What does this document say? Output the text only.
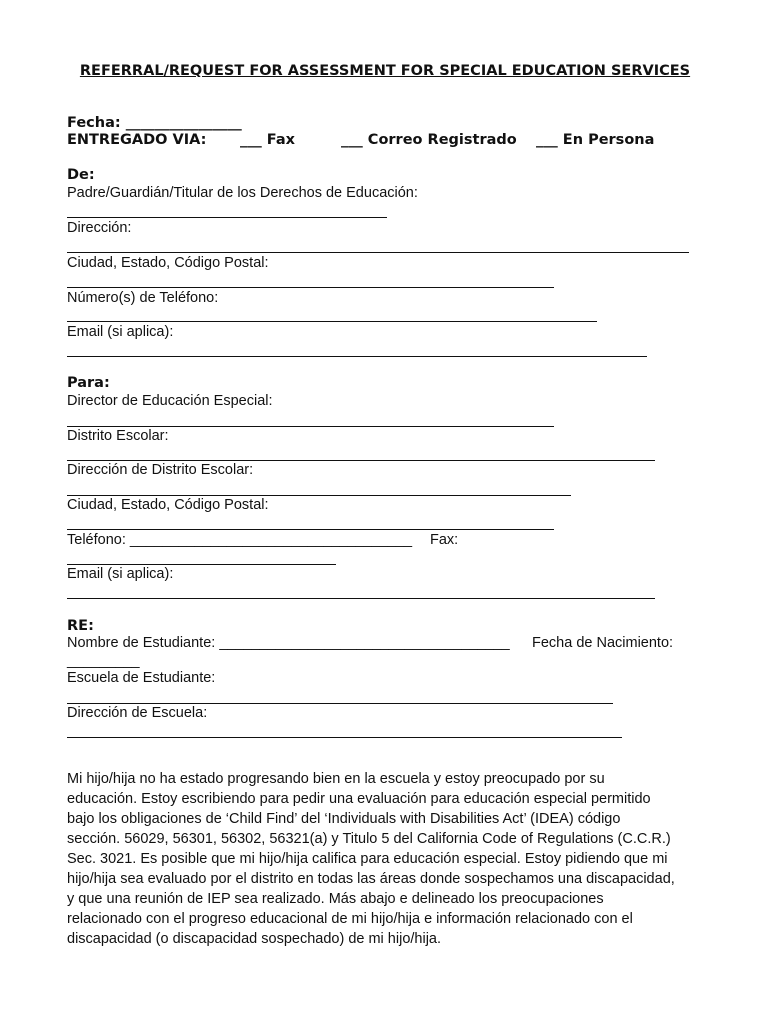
REFERRAL/REQUEST FOR ASSESSMENT FOR SPECIAL EDUCATION SERVICES
Fecha: ________________
ENTREGADO VIA: ___ Fax	___ Correo Registrado ___ En Persona
De:
Padre/Guardián/Titular de los Derechos de Educación:
Dirección:
Ciudad, Estado, Código Postal:
Número(s) de Teléfono:
Email (si aplica):
Para:
Director de Educación Especial:
Distrito Escolar:
Dirección de Distrito Escolar:
Ciudad, Estado, Código Postal:
Teléfono: ___________________________________ Fax:
Email (si aplica):
RE:
Nombre de Estudiante: ____________________________________ Fecha de Nacimiento:
_________
Escuela de Estudiante:
Dirección de Escuela:
Mi hijo/hija no ha estado progresando bien en la escuela y estoy preocupado por su
educación. Estoy escribiendo para pedir una evaluación para educación especial permitido
bajo los obligaciones de ‘Child Find’ del ‘Individuals with Disabilities Act’ (IDEA) código
sección. 56029, 56301, 56302, 56321(a) y Titulo 5 del California Code of Regulations (C.C.R.)
Sec. 3021. Es posible que mi hijo/hija califica para educación especial. Estoy pidiendo que mi
hijo/hija sea evaluado por el distrito en todas las áreas donde sospechamos una discapacidad,
y que una reunión de IEP sea realizado. Más abajo e delineado los preocupaciones
relacionado con el progreso educacional de mi hijo/hija e información relacionado con el
discapacidad (o discapacidad sospechado) de mi hijo/hija.
